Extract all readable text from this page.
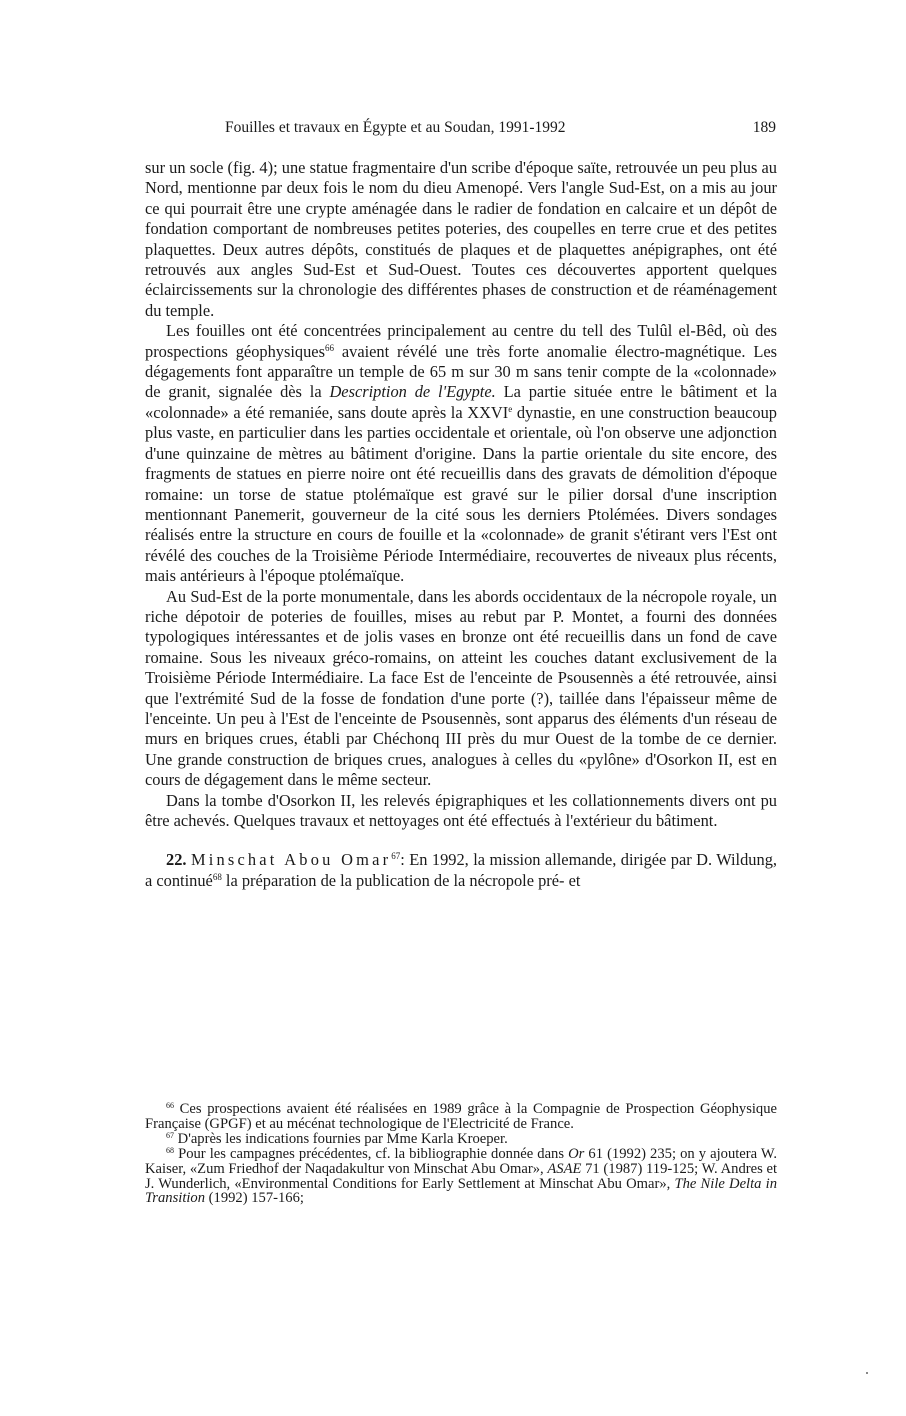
Fouilles et travaux en Égypte et au Soudan, 1991-1992	189

sur un socle (fig. 4); une statue fragmentaire d'un scribe d'époque saïte, retrouvée un peu plus au Nord, mentionne par deux fois le nom du dieu Amenopé. Vers l'angle Sud-Est, on a mis au jour ce qui pourrait être une crypte aménagée dans le radier de fondation en calcaire et un dépôt de fondation comportant de nombreuses petites poteries, des coupelles en terre crue et des petites plaquettes. Deux autres dépôts, constitués de plaques et de plaquettes anépigraphes, ont été retrouvés aux angles Sud-Est et Sud-Ouest. Toutes ces découvertes apportent quelques éclaircissements sur la chronologie des différentes phases de construction et de réaménagement du temple.

Les fouilles ont été concentrées principalement au centre du tell des Tulûl el-Bêd, où des prospections géophysiques$^{66}$ avaient révélé une très forte anomalie électro-magnétique. Les dégagements font apparaître un temple de 65 m sur 30 m sans tenir compte de la «colonnade» de granit, signalée dès la Description de l'Egypte. La partie située entre le bâtiment et la «colonnade» a été remaniée, sans doute après la XXVIe dynastie, en une construction beaucoup plus vaste, en particulier dans les parties occidentale et orientale, où l'on observe une adjonction d'une quinzaine de mètres au bâtiment d'origine. Dans la partie orientale du site encore, des fragments de statues en pierre noire ont été recueillis dans des gravats de démolition d'époque romaine: un torse de statue ptolémaïque est gravé sur le pilier dorsal d'une inscription mentionnant Panemerit, gouverneur de la cité sous les derniers Ptolémées. Divers sondages réalisés entre la structure en cours de fouille et la «colonnade» de granit s'étirant vers l'Est ont révélé des couches de la Troisième Période Intermédiaire, recouvertes de niveaux plus récents, mais antérieurs à l'époque ptolémaïque.

Au Sud-Est de la porte monumentale, dans les abords occidentaux de la nécropole royale, un riche dépotoir de poteries de fouilles, mises au rebut par P. Montet, a fourni des données typologiques intéressantes et de jolis vases en bronze ont été recueillis dans un fond de cave romaine. Sous les niveaux gréco-romains, on atteint les couches datant exclusivement de la Troisième Période Intermédiaire. La face Est de l'enceinte de Psousennès a été retrouvée, ainsi que l'extrémité Sud de la fosse de fondation d'une porte (?), taillée dans l'épaisseur même de l'enceinte. Un peu à l'Est de l'enceinte de Psousennès, sont apparus des éléments d'un réseau de murs en briques crues, établi par Chéchonq III près du mur Ouest de la tombe de ce dernier. Une grande construction de briques crues, analogues à celles du «pylône» d'Osorkon II, est en cours de dégagement dans le même secteur.

Dans la tombe d'Osorkon II, les relevés épigraphiques et les collationnements divers ont pu être achevés. Quelques travaux et nettoyages ont été effectués à l'extérieur du bâtiment.

22. Minschat Abou Omar$^{67}$: En 1992, la mission allemande, dirigée par D. Wildung, a continué$^{68}$ la préparation de la publication de la nécropole pré- et

$^{66}$ Ces prospections avaient été réalisées en 1989 grâce à la Compagnie de Prospection Géophysique Française (GPGF) et au mécénat technologique de l'Electricité de France.

$^{67}$ D'après les indications fournies par Mme Karla Kroeper.

$^{68}$ Pour les campagnes précédentes, cf. la bibliographie donnée dans Or 61 (1992) 235; on y ajoutera W. Kaiser, «Zum Friedhof der Naqadakultur von Minschat Abu Omar», ASAE 71 (1987) 119-125; W. Andres et J. Wunderlich, «Environmental Conditions for Early Settlement at Minschat Abu Omar», The Nile Delta in Transition (1992) 157-166;
